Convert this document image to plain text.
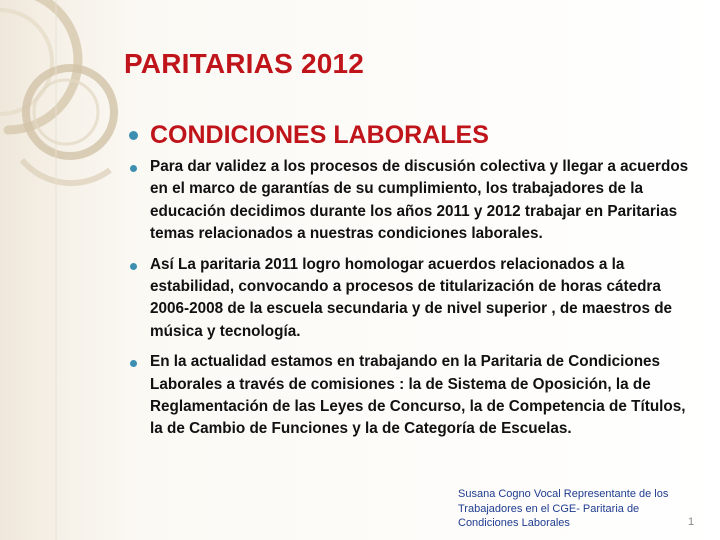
PARITARIAS 2012
CONDICIONES LABORALES
Para dar validez a los procesos de discusión colectiva y llegar a acuerdos en el marco de garantías de su cumplimiento, los trabajadores de la educación decidimos durante los años 2011 y 2012 trabajar en Paritarias temas relacionados a nuestras condiciones laborales.
Así La paritaria 2011 logro homologar acuerdos relacionados a la estabilidad, convocando a procesos de titularización de horas cátedra 2006-2008 de la escuela secundaria y de nivel superior , de maestros de música y tecnología.
En la actualidad estamos en trabajando en la Paritaria de Condiciones Laborales a través de comisiones : la de Sistema de Oposición, la de Reglamentación de las Leyes de Concurso, la de Competencia de Títulos, la de Cambio de Funciones y la de Categoría de Escuelas.
Susana Cogno Vocal Representante de los Trabajadores en el CGE- Paritaria de Condiciones Laborales	1
